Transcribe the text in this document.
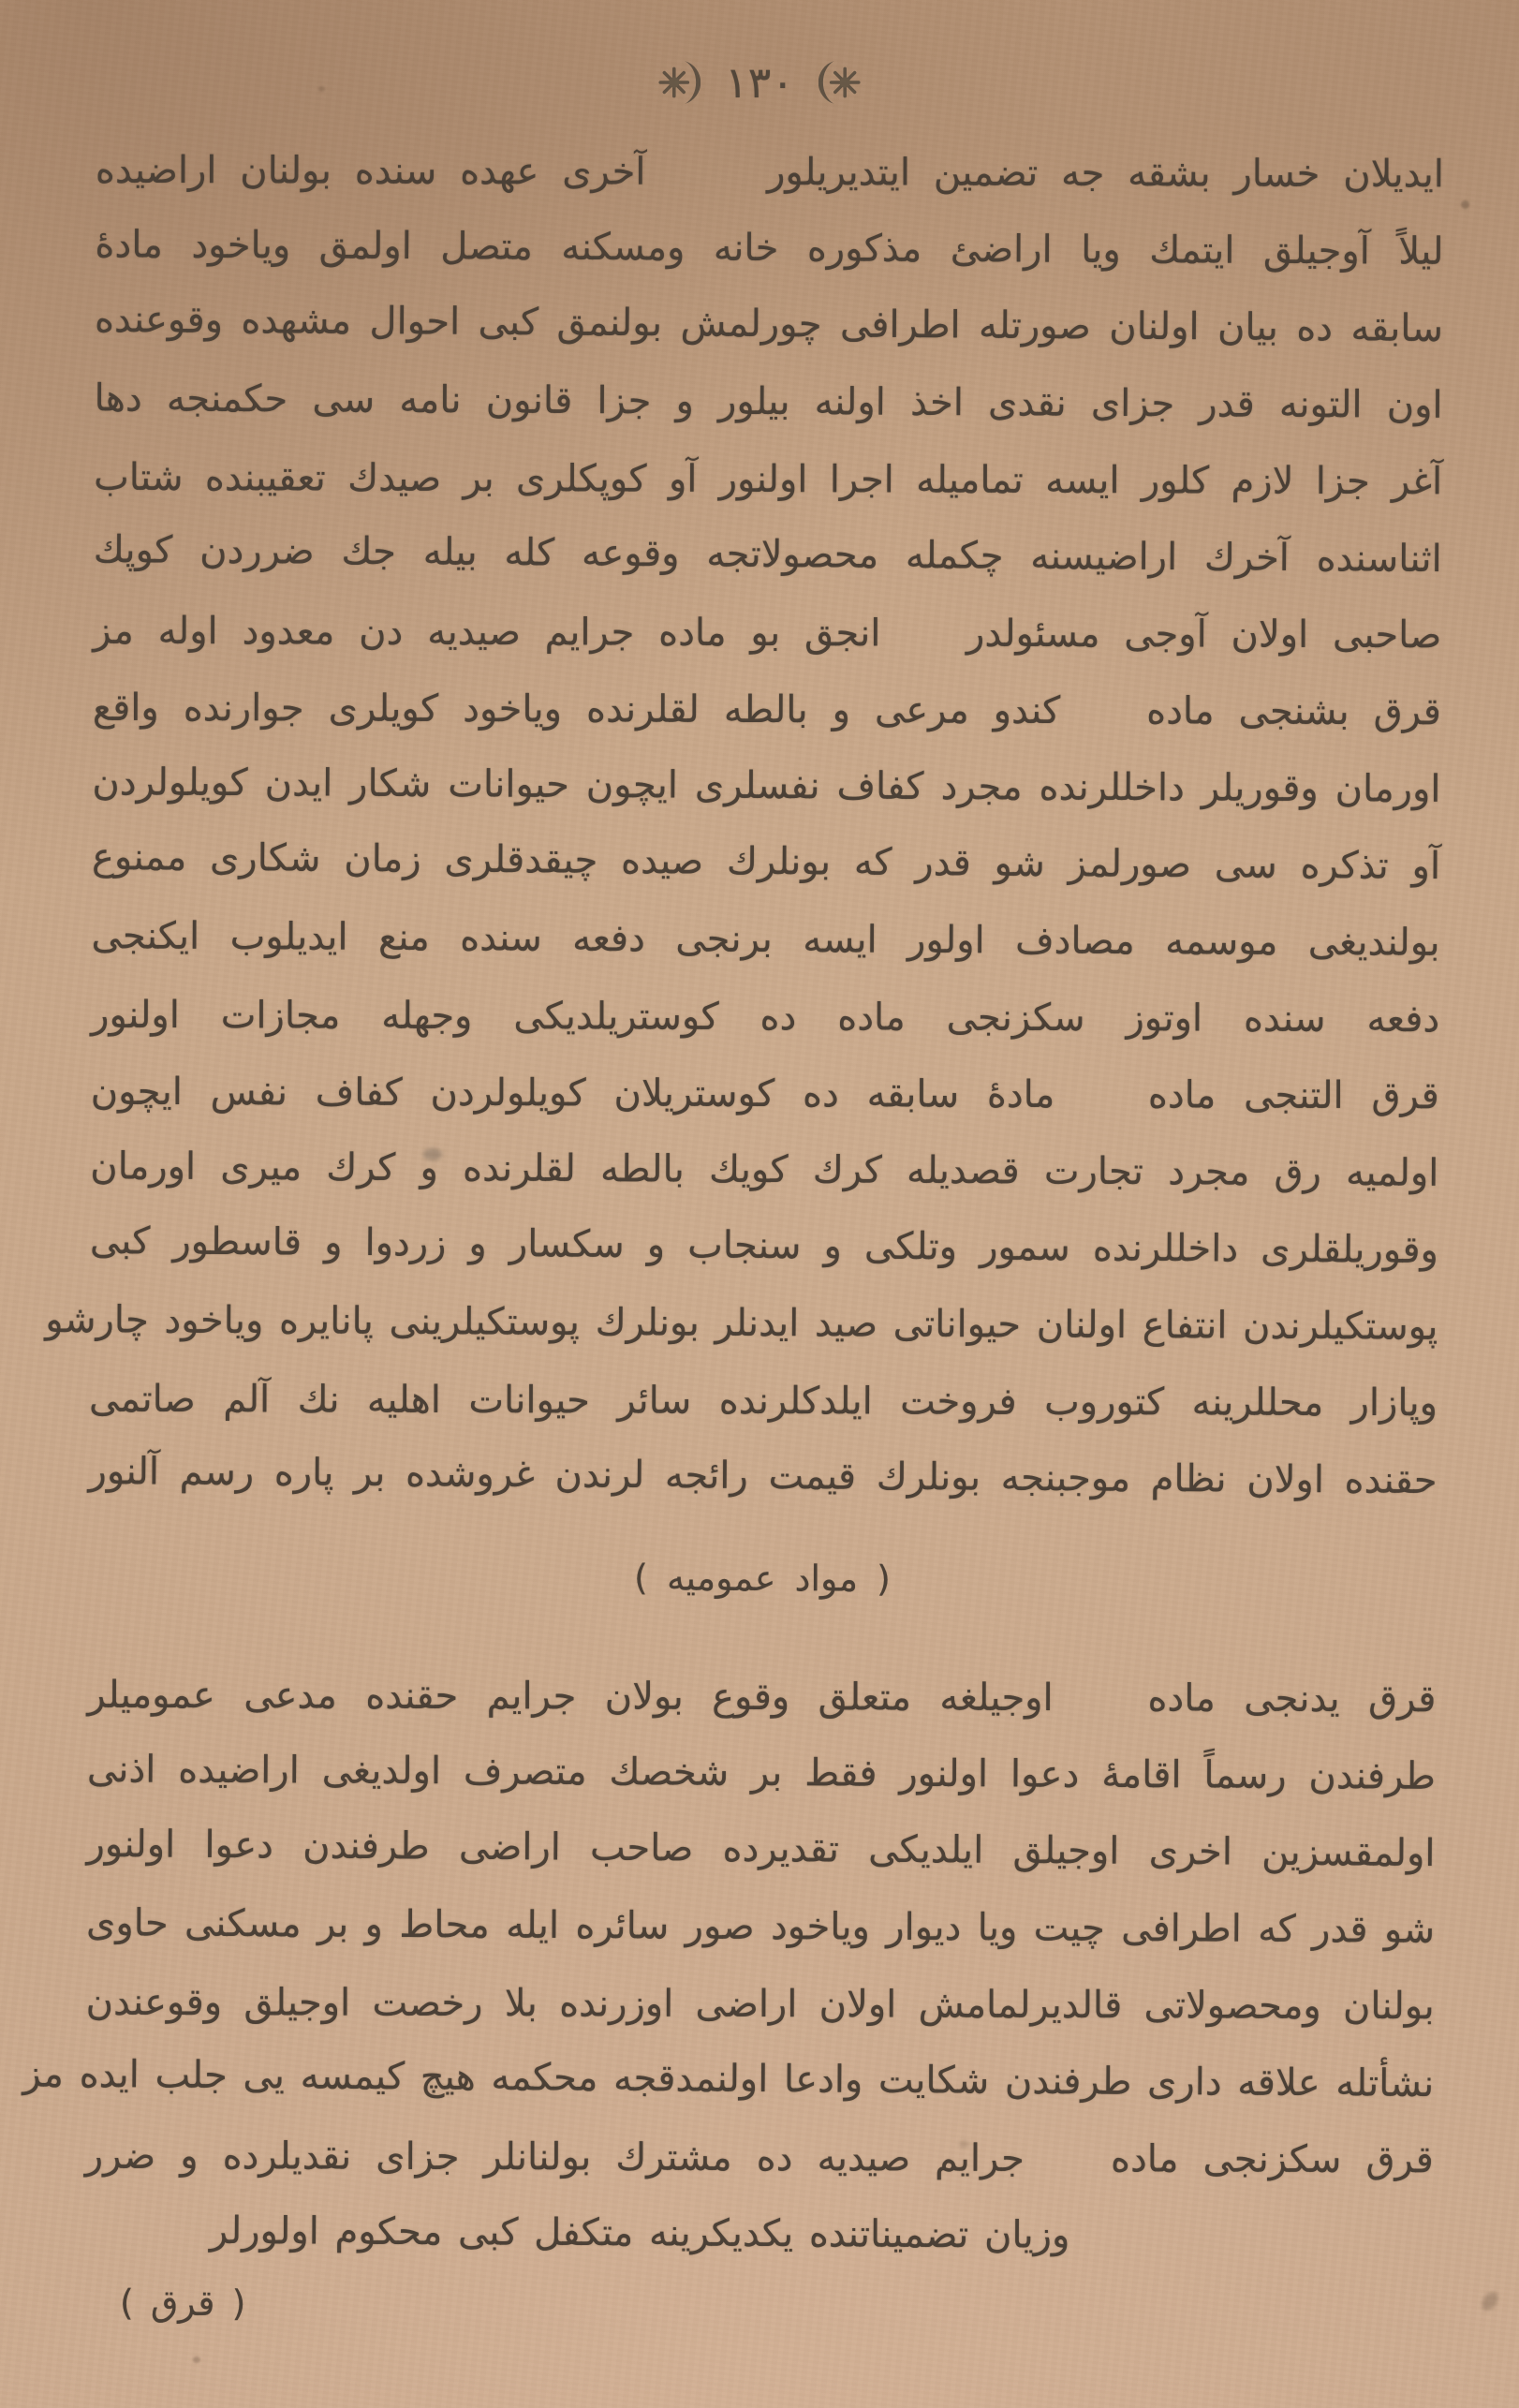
١٣٠
ايديلان خسار بشقه جه تضمين ايتديريلور    آخرى عهده سنده بولنان اراضيده
ليلاً آوجيلق ايتمك ويا اراضئ مذكوره خانه ومسكنه متصل اولمق وياخود مادۀ
سابقه ده بيان اولنان صورتله اطرافى چورلمش بولنمق كبى احوال مشهده وقوعنده
اون التونه قدر جزاى نقدى اخذ اولنه بيلور و جزا قانون نامه سى حكمنجه دها
آغر جزا لازم كلور ايسه تماميله اجرا اولنور آو كوپكلرى بر صيدك تعقيبنده شتاب
اثناسنده آخرك اراضيسنه چكمله محصولاتجه وقوعه كله بيله جك ضرردن كوپك
صاحبى اولان آوجى مسئولدر   انجق بو ماده جرايم صيديه دن معدود اوله مز
قرق بشنجى ماده   كندو مرعى و بالطه لقلرنده وياخود كويلرى جوارنده واقع
اورمان وقوريلر داخللرنده مجرد كفاف نفسلرى ايچون حيوانات شكار ايدن كويلولردن
آو تذكره سى صورلمز شو قدر كه بونلرك صيده چيقدقلرى زمان شكارى ممنوع
بولنديغى موسمه مصادف اولور ايسه برنجى دفعه سنده منع ايديلوب ايكنجى
دفعه سنده اوتوز سكزنجى ماده ده كوستريلديكى وجهله مجازات اولنور
قرق التنجى ماده   مادۀ سابقه ده كوستريلان كويلولردن كفاف نفس ايچون
اولميه رق مجرد تجارت قصديله كرك كويك بالطه لقلرنده و كرك ميرى اورمان
وقوريلقلرى داخللرنده سمور وتلكى و سنجاب و سكسار و زردوا و قاسطور كبى
پوستكيلرندن انتفاع اولنان حيواناتى صيد ايدنلر بونلرك پوستكيلرينى پانايره وياخود چارشو
وپازار محللرينه كتوروب فروخت ايلدكلرنده سائر حيوانات اهليه نك آلم صاتمى
حقنده اولان نظام موجبنجه بونلرك قيمت رائجه لرندن غروشده بر پاره رسم آلنور
( مواد عموميه )
قرق يدنجى ماده   اوجيلغه متعلق وقوع بولان جرايم حقنده مدعى عموميلر
طرفندن رسماً اقامۀ دعوا اولنور فقط بر شخصك متصرف اولديغى اراضيده اذنى
اولمقسزين اخرى اوجيلق ايلديكى تقديرده صاحب اراضى طرفندن دعوا اولنور
شو قدر كه اطرافى چيت ويا ديوار وياخود صور سائره ايله محاط و بر مسكنى حاوى
بولنان ومحصولاتى قالديرلمامش اولان اراضى اوزرنده بلا رخصت اوجيلق وقوعندن
نشأتله علاقه دارى طرفندن شكايت وادعا اولنمدقجه محكمه هيچ كيمسه يى جلب ايده مز
قرق سكزنجى ماده   جرايم صيديه ده مشترك بولنانلر جزاى نقديلرده و ضرر
وزيان تضميناتنده يكديكرينه متكفل كبى محكوم اولورلر
( قرق )
